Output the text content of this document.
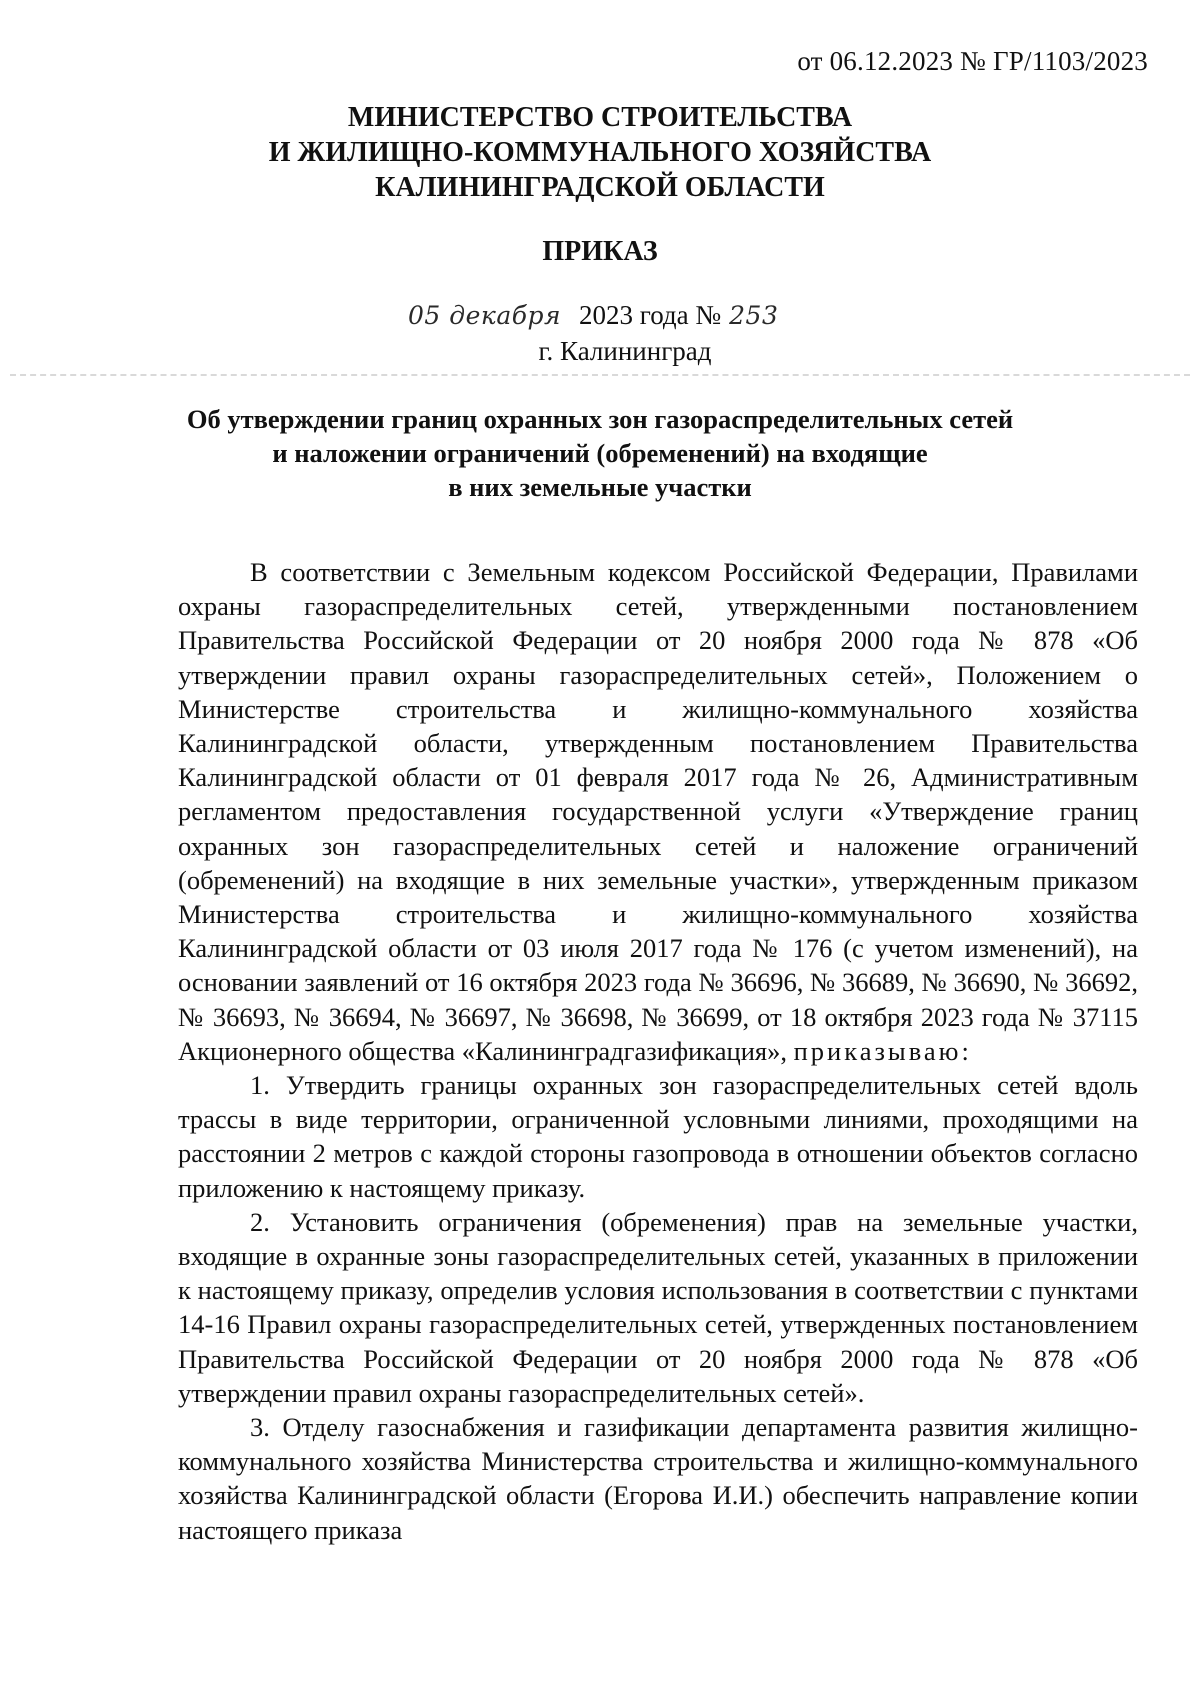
от 06.12.2023 № ГР/1103/2023
МИНИСТЕРСТВО СТРОИТЕЛЬСТВА
И ЖИЛИЩНО-КОММУНАЛЬНОГО ХОЗЯЙСТВА
КАЛИНИНГРАДСКОЙ ОБЛАСТИ
ПРИКАЗ
05 декабря 2023 года № 253
г. Калининград
Об утверждении границ охранных зон газораспределительных сетей
и наложении ограничений (обременений) на входящие
в них земельные участки

В соответствии с Земельным кодексом Российской Федерации, Правилами охраны газораспределительных сетей, утвержденными постановлением Правительства Российской Федерации от 20 ноября 2000 года № 878 «Об утверждении правил охраны газораспределительных сетей», Положением о Министерстве строительства и жилищно-коммунального хозяйства Калининградской области, утвержденным постановлением Правительства Калининградской области от 01 февраля 2017 года № 26, Административным регламентом предоставления государственной услуги «Утверждение границ охранных зон газораспределительных сетей и наложение ограничений (обременений) на входящие в них земельные участки», утвержденным приказом Министерства строительства и жилищно-коммунального хозяйства Калининградской области от 03 июля 2017 года № 176 (с учетом изменений), на основании заявлений от 16 октября 2023 года № 36696, № 36689, № 36690, № 36692, № 36693, № 36694, № 36697, № 36698, № 36699, от 18 октября 2023 года № 37115 Акционерного общества «Калининградгазификация», приказываю:

1. Утвердить границы охранных зон газораспределительных сетей вдоль трассы в виде территории, ограниченной условными линиями, проходящими на расстоянии 2 метров с каждой стороны газопровода в отношении объектов согласно приложению к настоящему приказу.

2. Установить ограничения (обременения) прав на земельные участки, входящие в охранные зоны газораспределительных сетей, указанных в приложении к настоящему приказу, определив условия использования в соответствии с пунктами 14-16 Правил охраны газораспределительных сетей, утвержденных постановлением Правительства Российской Федерации от 20 ноября 2000 года № 878 «Об утверждении правил охраны газораспределительных сетей».

3. Отделу газоснабжения и газификации департамента развития жилищно-коммунального хозяйства Министерства строительства и жилищно-коммунального хозяйства Калининградской области (Егорова И.И.) обеспечить направление копии настоящего приказа
